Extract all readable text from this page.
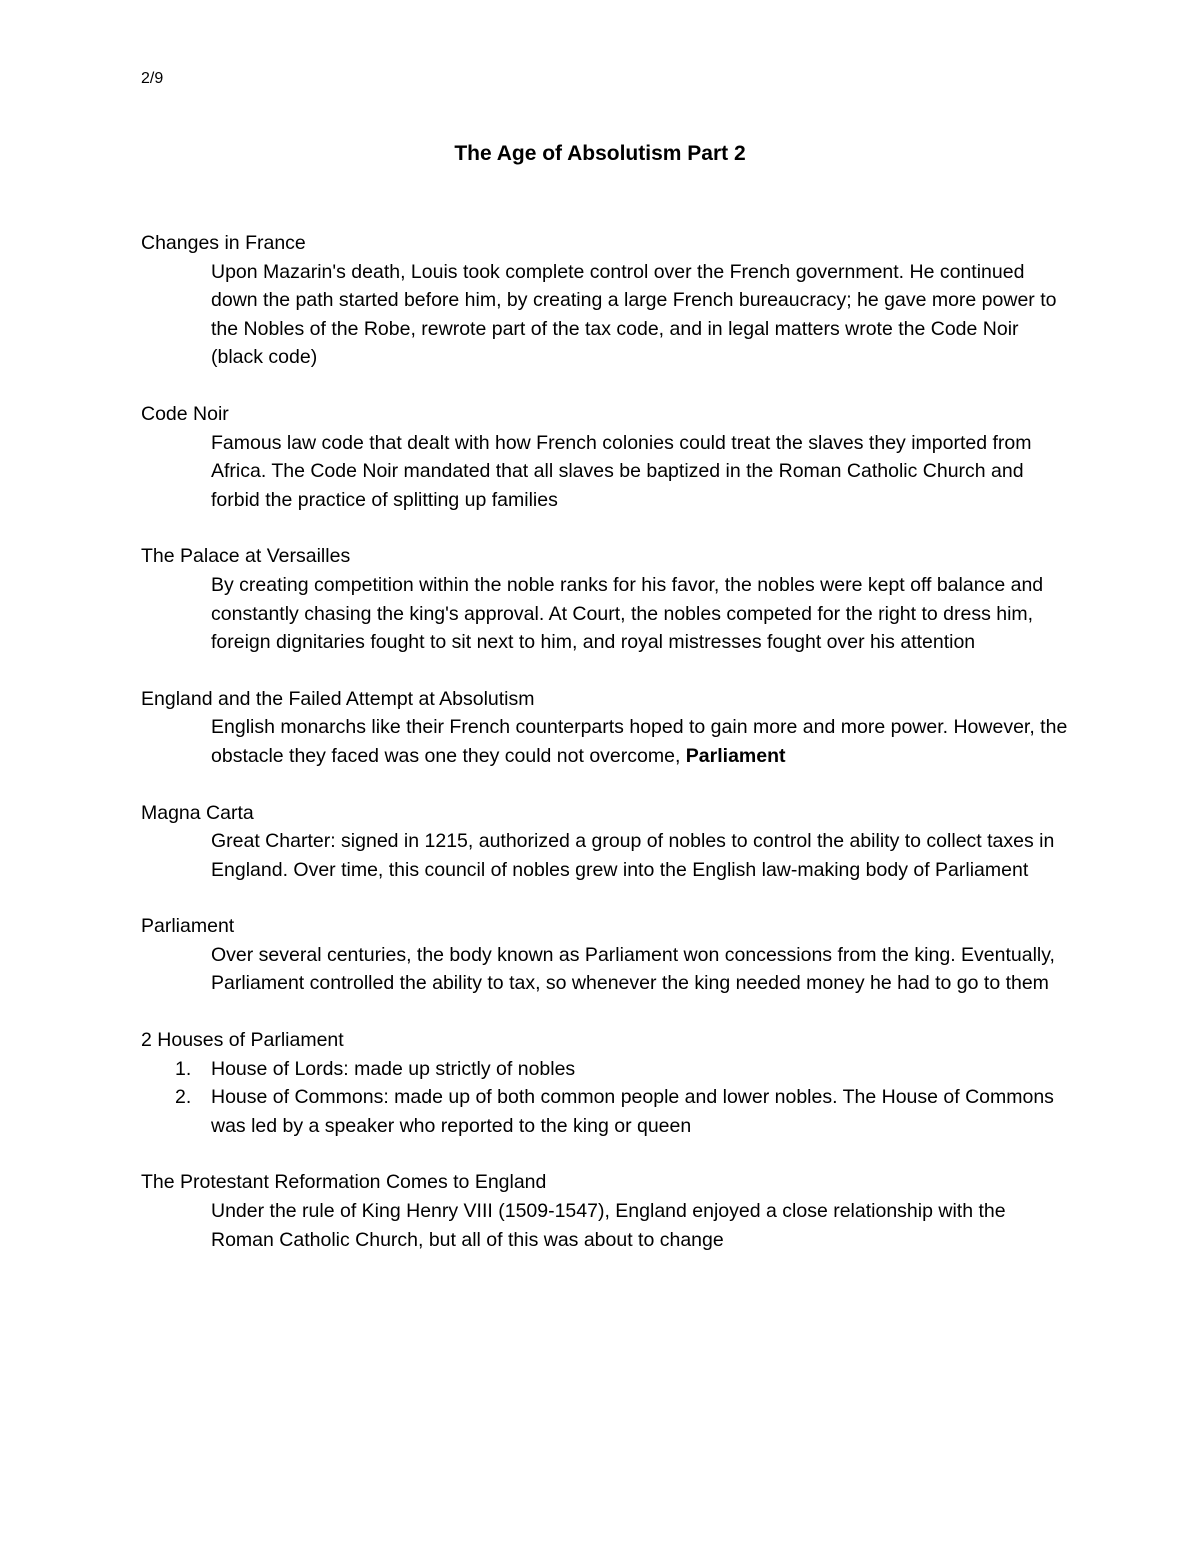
2/9
The Age of Absolutism Part 2

Changes in France

Upon Mazarin's death, Louis took complete control over the French government. He continued down the path started before him, by creating a large French bureaucracy; he gave more power to the Nobles of the Robe, rewrote part of the tax code, and in legal matters wrote the Code Noir (black code)

Code Noir

Famous law code that dealt with how French colonies could treat the slaves they imported from Africa. The Code Noir mandated that all slaves be baptized in the Roman Catholic Church and forbid the practice of splitting up families

The Palace at Versailles

By creating competition within the noble ranks for his favor, the nobles were kept off balance and constantly chasing the king's approval. At Court, the nobles competed for the right to dress him, foreign dignitaries fought to sit next to him, and royal mistresses fought over his attention

England and the Failed Attempt at Absolutism

English monarchs like their French counterparts hoped to gain more and more power. However, the obstacle they faced was one they could not overcome, Parliament

Magna Carta

Great Charter: signed in 1215, authorized a group of nobles to control the ability to collect taxes in England. Over time, this council of nobles grew into the English law-making body of Parliament

Parliament

Over several centuries, the body known as Parliament won concessions from the king. Eventually, Parliament controlled the ability to tax, so whenever the king needed money he had to go to them

2 Houses of Parliament

1. House of Lords: made up strictly of nobles
2. House of Commons: made up of both common people and lower nobles. The House of Commons was led by a speaker who reported to the king or queen

The Protestant Reformation Comes to England

Under the rule of King Henry VIII (1509-1547), England enjoyed a close relationship with the Roman Catholic Church, but all of this was about to change
